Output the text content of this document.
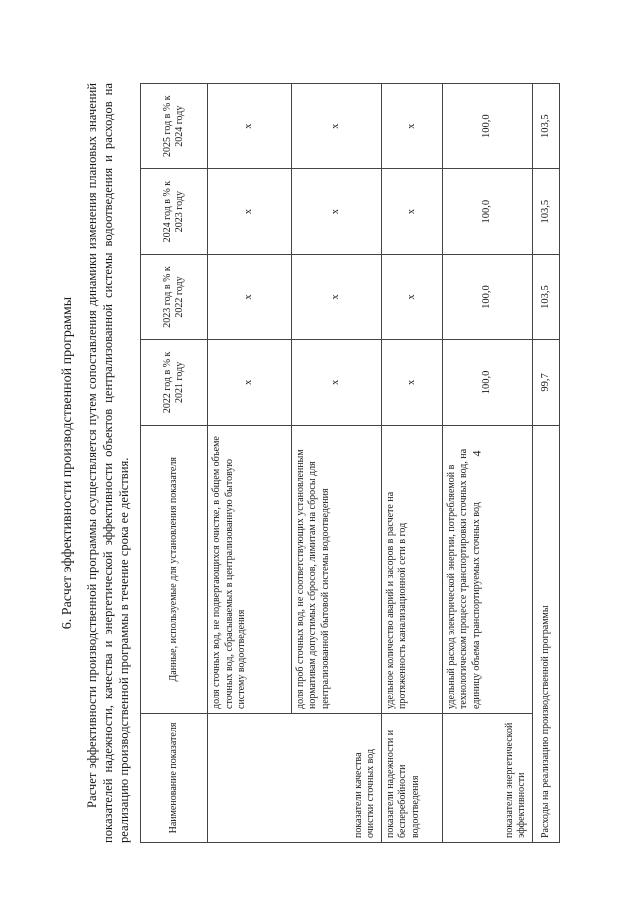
4
6. Расчет эффективности производственной программы Расчет эффективности производственной программы осуществляется путем сопоставления динамики изменения плановых значений показателей надежности, качества и энергетической эффективности объектов централизованной системы водоотведения и расходов на реализацию производственной программы в течение срока ее действия.	Наименование показателя	Данные, используемые для установления показателя	2022 год в % к 2021 году	2023 год в % к 2022 году	2024 год в % к 2023 году	2025 год в % к 2024 году
показатели качества очистки сточных вод	доля сточных вод, не подвергающихся очистке, в общем объеме сточных вод, сбрасываемых в централизованную бытовую систему водоотведения	х	х	х	х
	доля проб сточных вод, не соответствующих установленным нормативам допустимых сбросов, лимитам на сбросы для централизованной бытовой системы водоотведения	х	х	х	х
показатели надежности и бесперебойности водоотведения	удельное количество аварий и засоров в расчете на протяженность канализационной сети в год	х	х	х	х
показатели энергетической эффективности	удельный расход электрической энергии, потребляемой в технологическом процессе транспортировки сточных вод, на единицу объема транспортируемых сточных вод	100,0	100,0	100,0	100,0
Расходы на реализацию производственной программы		99,7	103,5	103,5	103,5
